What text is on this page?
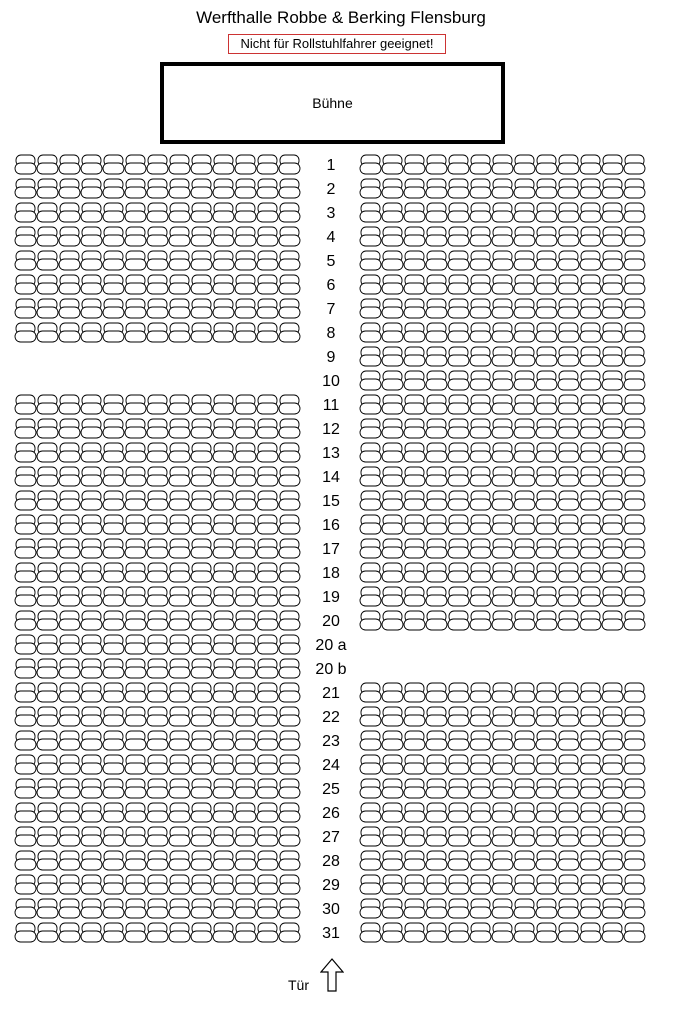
Werfthalle Robbe & Berking Flensburg
Nicht für Rollstuhlfahrer geeignet!
Bühne
1
2
3
4
5
6
7
8
9
10
11
12
13
14
15
16
17
18
19
20
20 a
20 b
21
22
23
24
25
26
27
28
29
30
31
Tür
